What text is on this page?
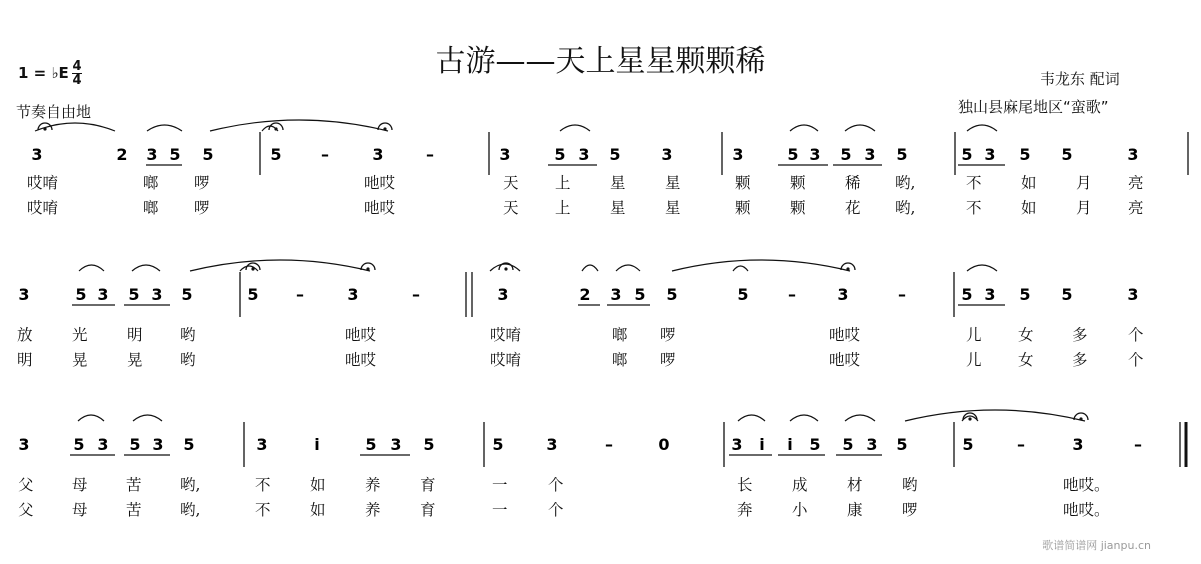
古游——天上星星颗颗稀
1 = ♭E 4
4
节奏自由地
韦龙东 配词
独山县麻尾地区“蛮歌”
3	2 3 5 5	5 –	3	–	3	5 3 5	3	3	5 3 5 3 5	5 3 5 5	3
3	5 3 5 3 5	5 –	3	–	3	2 3 5 5	5 –	3	–	5 3 5 5	3
3	5 3 5 3 5	3	i	5 3 5	5	3	–	0	3 i i 5 5 3 5	5	–	3	–
哎唷	啷 啰	吔哎	天 上	星	星	颗	颗	稀 哟,	不	如	月 亮
哎唷	啷 啰	吔哎	天 上	星	星	颗	颗	花 哟,	不	如	月 亮
放	光	明 哟	吔哎	哎唷	啷 啰	吔哎	儿 女 多	个
明	晃	晃 哟	吔哎	哎唷	啷 啰	吔哎	儿 女 多	个
父 母 苦 哟,	不	如	养	育	一	个	长	成	材	哟	吔哎。
父 母 苦 哟,	不	如	养	育	一	个	奔	小	康	啰	吔哎。
歌谱简谱网 jianpu.cn
